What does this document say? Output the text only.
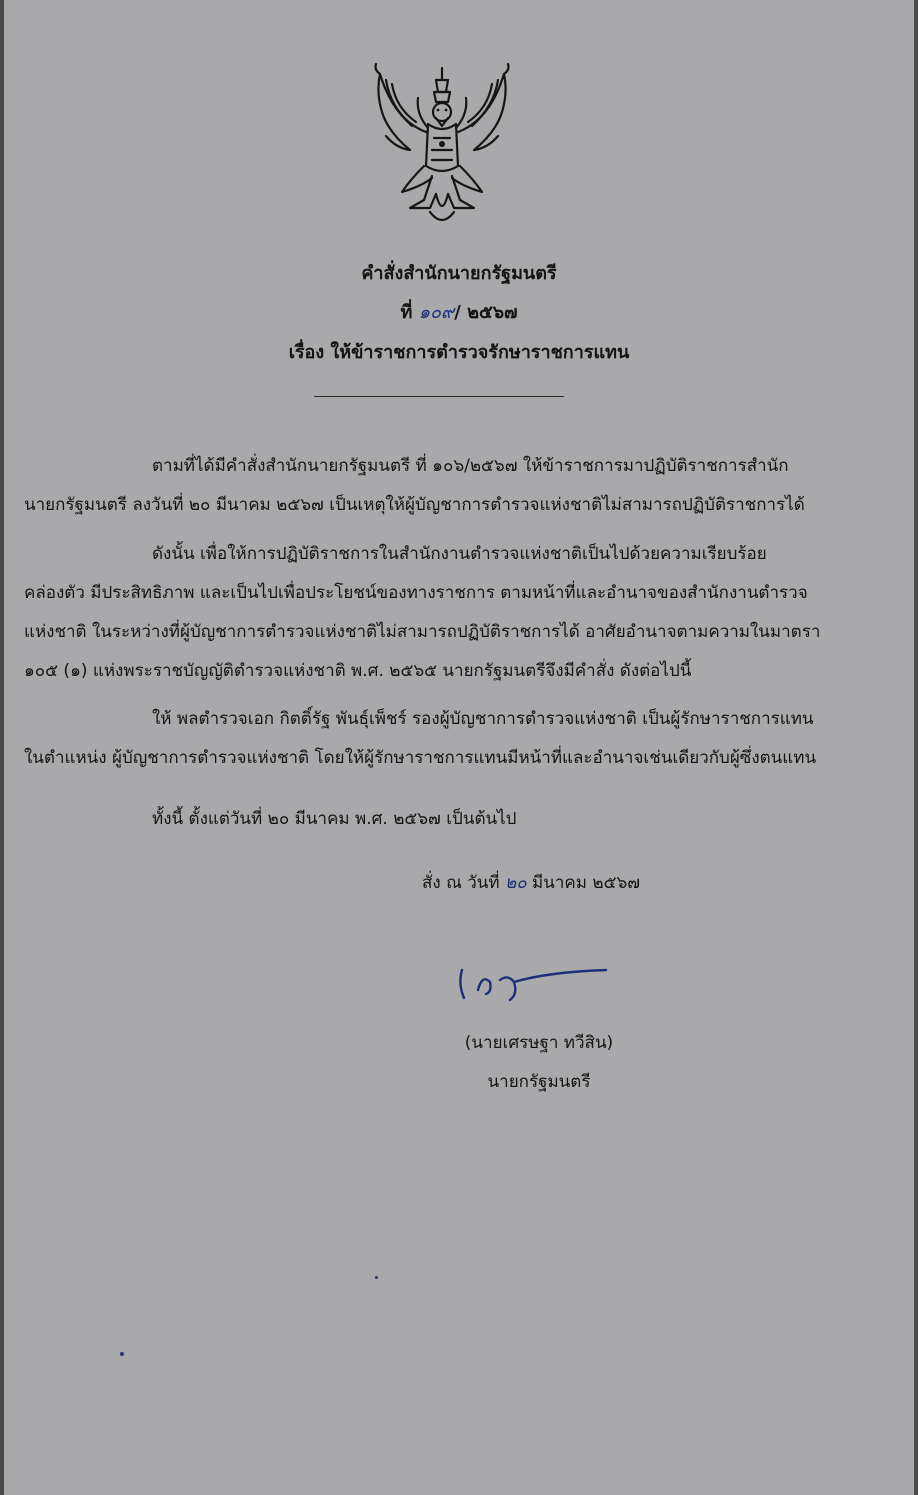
คำสั่งสำนักนายกรัฐมนตรี
ที่ ๑๐๙/ ๒๕๖๗
เรื่อง ให้ข้าราชการตำรวจรักษาราชการแทน
ตามที่ได้มีคำสั่งสำนักนายกรัฐมนตรี ที่ ๑๐๖/๒๕๖๗ ให้ข้าราชการมาปฏิบัติราชการสำนัก
นายกรัฐมนตรี ลงวันที่ ๒๐ มีนาคม ๒๕๖๗ เป็นเหตุให้ผู้บัญชาการตำรวจแห่งชาติไม่สามารถปฏิบัติราชการได้
ดังนั้น เพื่อให้การปฏิบัติราชการในสำนักงานตำรวจแห่งชาติเป็นไปด้วยความเรียบร้อย
คล่องตัว มีประสิทธิภาพ และเป็นไปเพื่อประโยชน์ของทางราชการ ตามหน้าที่และอำนาจของสำนักงานตำรวจ
แห่งชาติ ในระหว่างที่ผู้บัญชาการตำรวจแห่งชาติไม่สามารถปฏิบัติราชการได้ อาศัยอำนาจตามความในมาตรา
๑๐๕ (๑) แห่งพระราชบัญญัติตำรวจแห่งชาติ พ.ศ. ๒๕๖๕ นายกรัฐมนตรีจึงมีคำสั่ง ดังต่อไปนี้
ให้ พลตำรวจเอก กิตติ์รัฐ พันธุ์เพ็ชร์ รองผู้บัญชาการตำรวจแห่งชาติ เป็นผู้รักษาราชการแทน
ในตำแหน่ง ผู้บัญชาการตำรวจแห่งชาติ โดยให้ผู้รักษาราชการแทนมีหน้าที่และอำนาจเช่นเดียวกับผู้ซึ่งตนแทน
ทั้งนี้ ตั้งแต่วันที่ ๒๐ มีนาคม พ.ศ. ๒๕๖๗ เป็นต้นไป
สั่ง ณ วันที่ ๒๐ มีนาคม ๒๕๖๗
(นายเศรษฐา ทวีสิน)
นายกรัฐมนตรี
